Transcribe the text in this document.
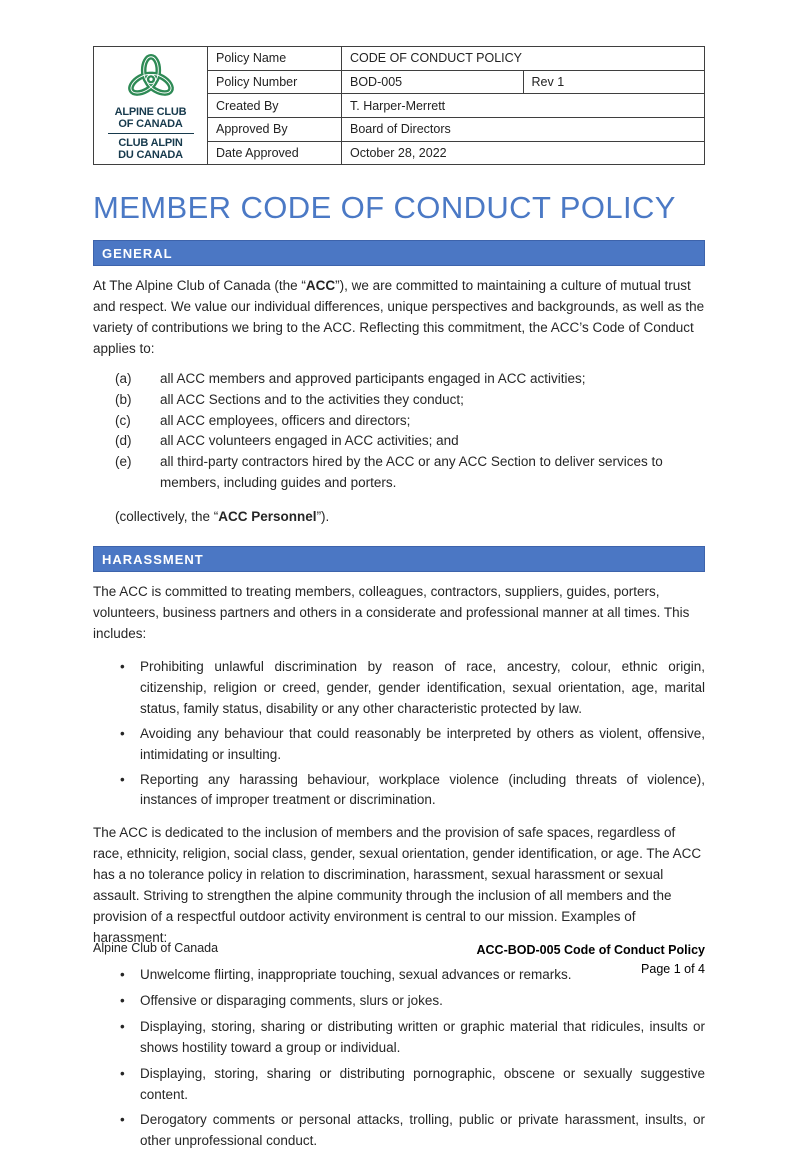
ALPINE CLUB
OF CANADA
CLUB ALPIN
DU CANADA	Policy Name	CODE OF CONDUCT POLICY	
	Policy Number	BOD-005	Rev 1
	Created By	T. Harper-Merrett	
	Approved By	Board of Directors	
	Date Approved	October 28, 2022	
MEMBER CODE OF CONDUCT POLICY
GENERAL

At The Alpine Club of Canada (the “ACC”), we are committed to maintaining a culture of mutual trust and respect. We value our individual differences, unique perspectives and backgrounds, as well as the variety of contributions we bring to the ACC. Reflecting this commitment, the ACC’s Code of Conduct applies to:

(a)	all ACC members and approved participants engaged in ACC activities;
(b)	all ACC Sections and to the activities they conduct;
(c)	all ACC employees, officers and directors;
(d)	all ACC volunteers engaged in ACC activities; and
(e)	all third-party contractors hired by the ACC or any ACC Section to deliver services to members, including guides and porters.

(collectively, the “ACC Personnel”).

HARASSMENT

The ACC is committed to treating members, colleagues, contractors, suppliers, guides, porters, volunteers, business partners and others in a considerate and professional manner at all times. This includes:

• Prohibiting unlawful discrimination by reason of race, ancestry, colour, ethnic origin, citizenship, religion or creed, gender, gender identification, sexual orientation, age, marital status, family status, disability or any other characteristic protected by law.
• Avoiding any behaviour that could reasonably be interpreted by others as violent, offensive, intimidating or insulting.
• Reporting any harassing behaviour, workplace violence (including threats of violence), instances of improper treatment or discrimination.

The ACC is dedicated to the inclusion of members and the provision of safe spaces, regardless of race, ethnicity, religion, social class, gender, sexual orientation, gender identification, or age. The ACC has a no tolerance policy in relation to discrimination, harassment, sexual harassment or sexual assault. Striving to strengthen the alpine community through the inclusion of all members and the provision of a respectful outdoor activity environment is central to our mission. Examples of harassment:

• Unwelcome flirting, inappropriate touching, sexual advances or remarks.
• Offensive or disparaging comments, slurs or jokes.
• Displaying, storing, sharing or distributing written or graphic material that ridicules, insults or shows hostility toward a group or individual.
• Displaying, storing, sharing or distributing pornographic, obscene or sexually suggestive content.
• Derogatory comments or personal attacks, trolling, public or private harassment, insults, or other unprofessional conduct.
Alpine Club of Canada	ACC-BOD-005 Code of Conduct Policy
Page 1 of 4
